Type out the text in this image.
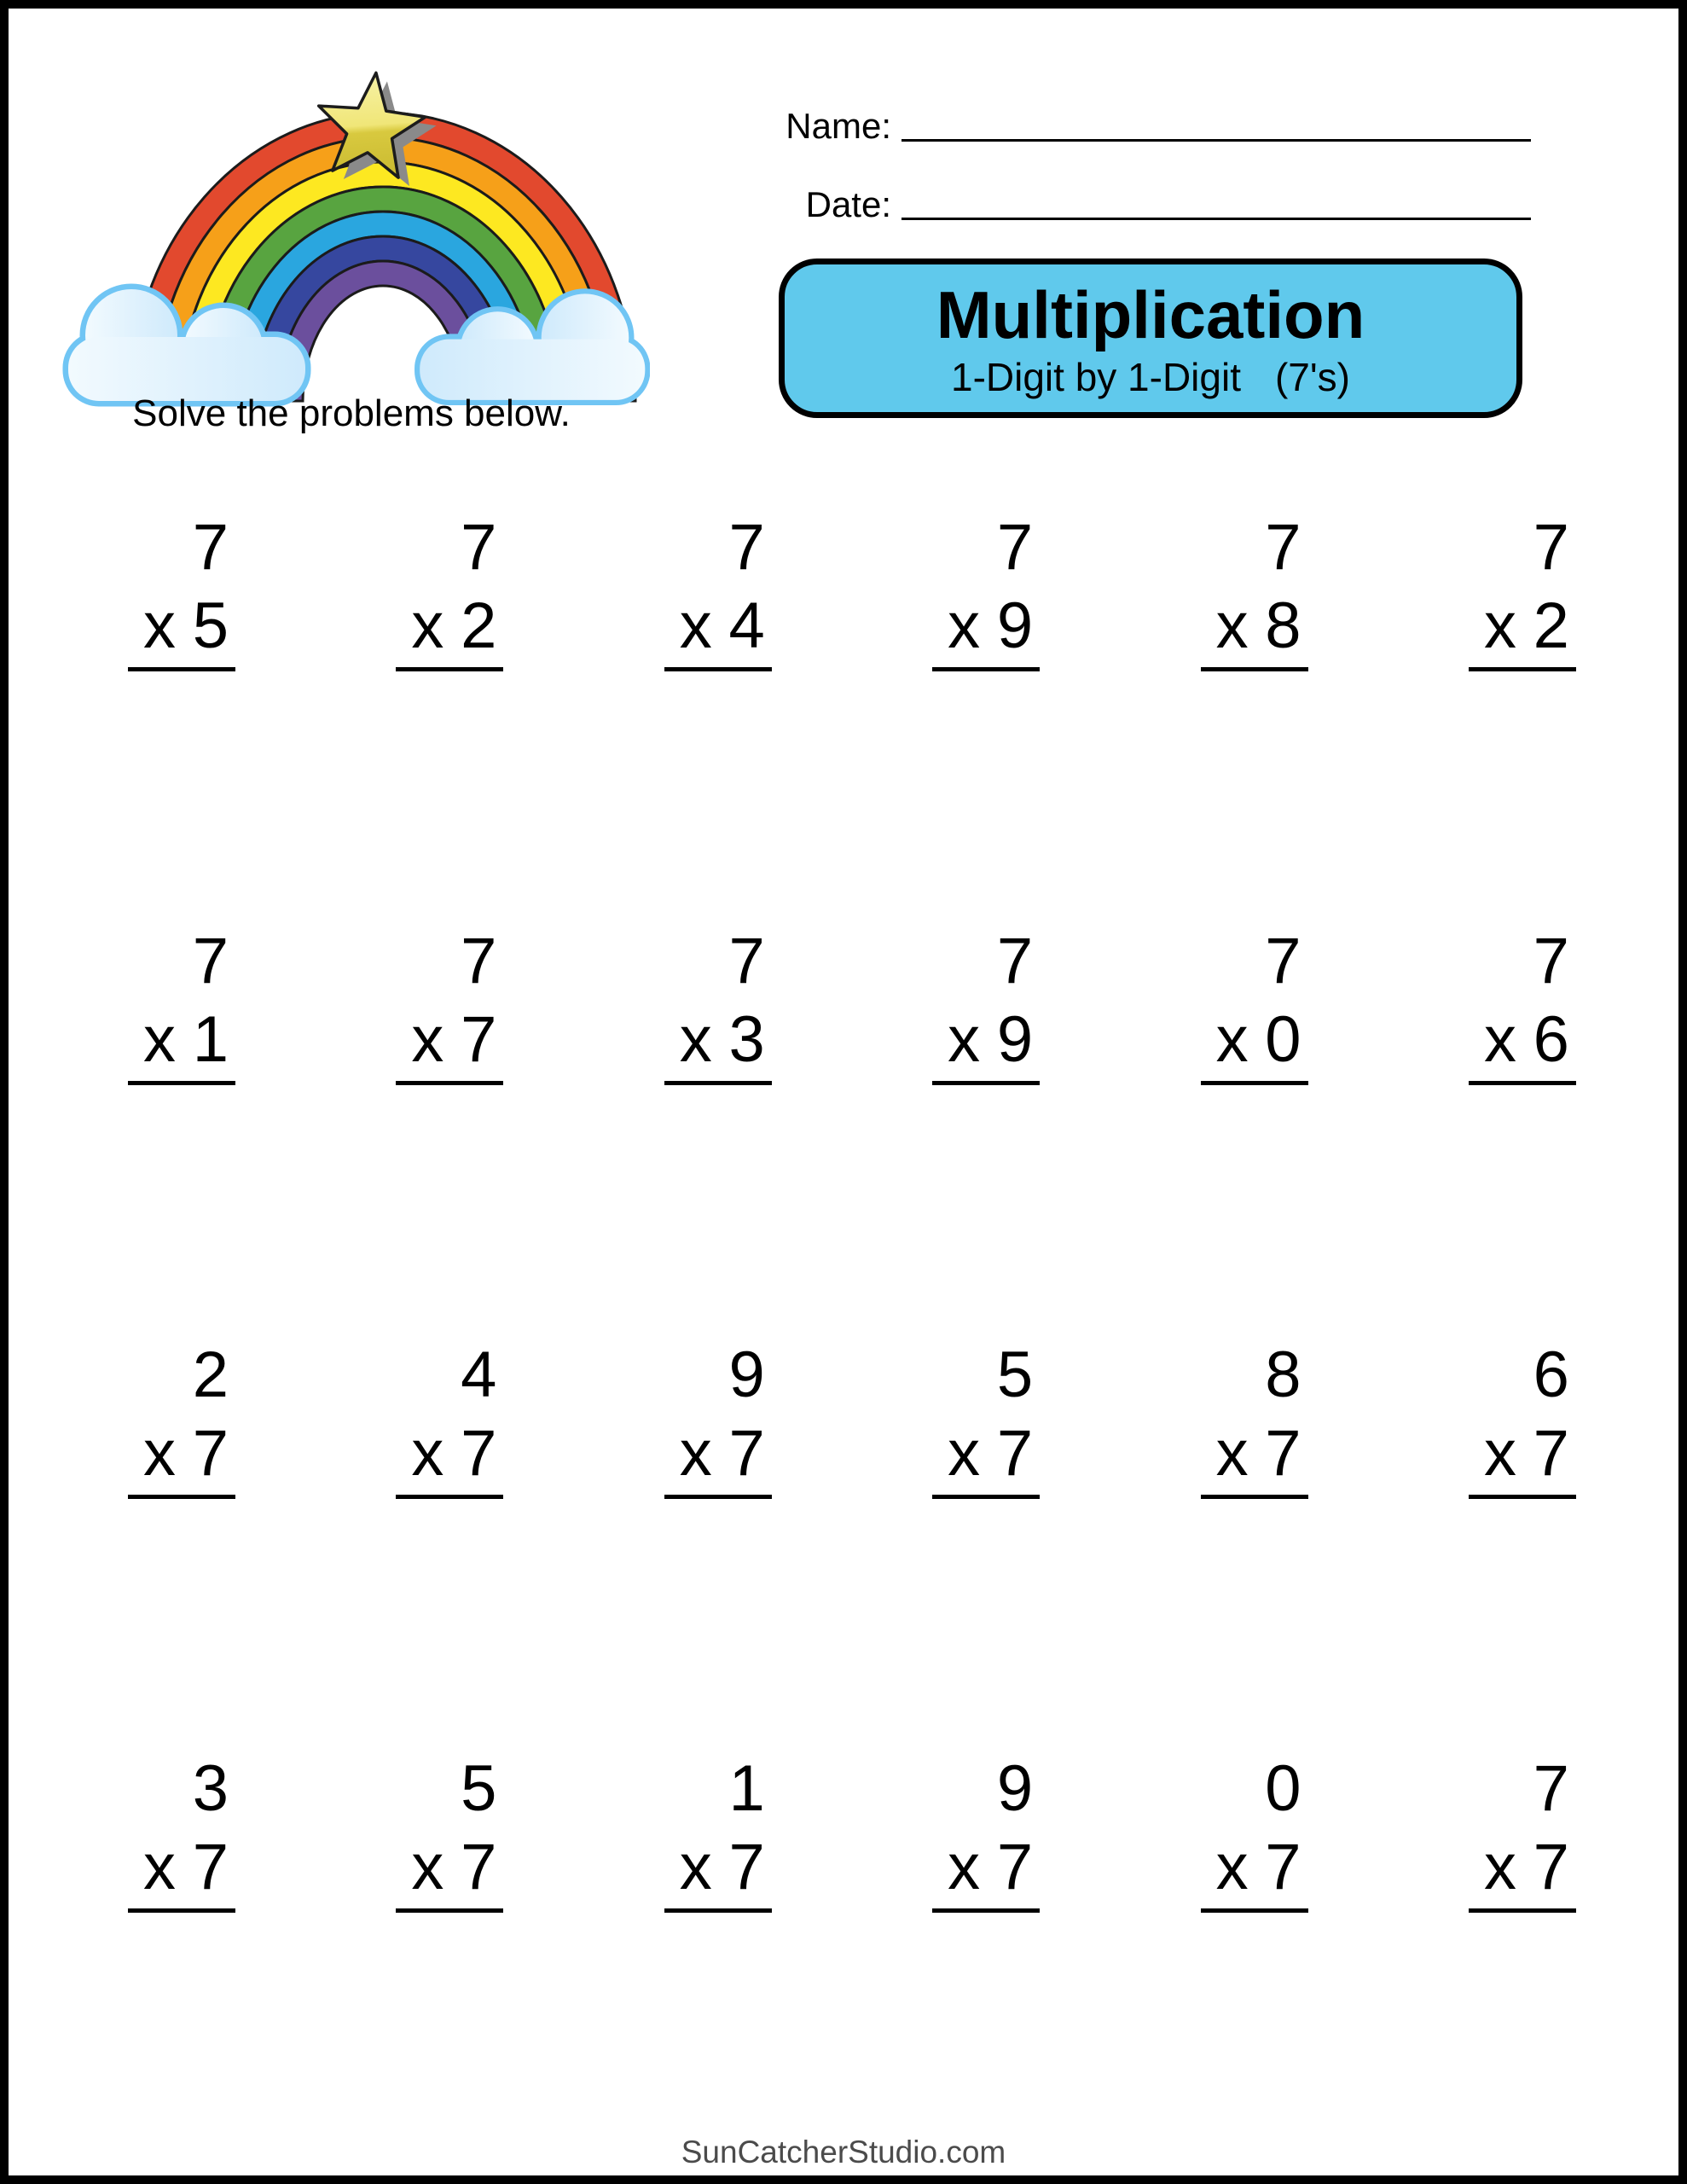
Solve the problems below.
Name:
Date:
Multiplication
1-Digit by 1-Digit (7's)
7
x 5
7
x 2
7
x 4
7
x 9
7
x 8
7
x 2
7
x 1
7
x 7
7
x 3
7
x 9
7
x 0
7
x 6
2
x 7
4
x 7
9
x 7
5
x 7
8
x 7
6
x 7
3
x 7
5
x 7
1
x 7
9
x 7
0
x 7
7
x 7
SunCatcherStudio.com
